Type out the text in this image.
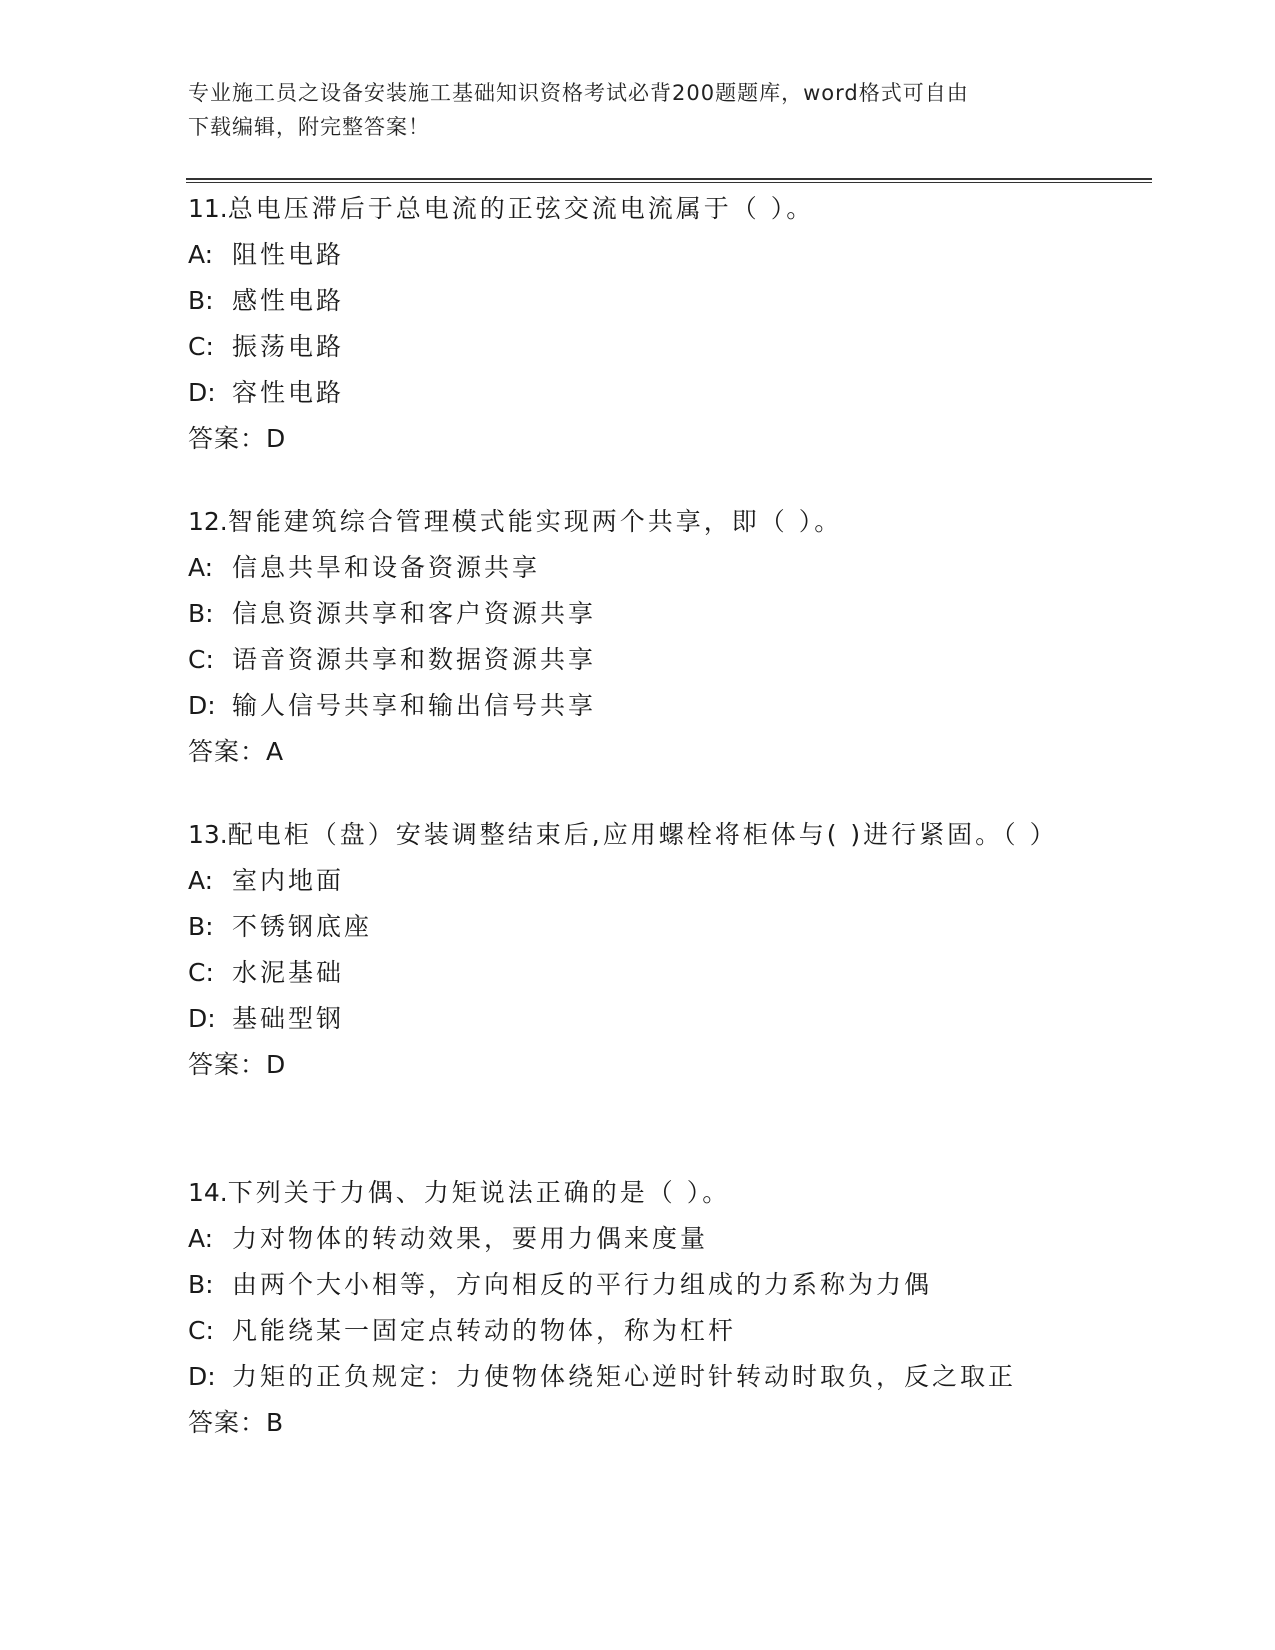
专业施工员之设备安装施工基础知识资格考试必背200题题库，word格式可自由
下载编辑，附完整答案！

11.总电压滞后于总电流的正弦交流电流属于（ ）。

A: 阻性电路

B: 感性电路

C: 振荡电路

D: 容性电路

答案：D

12.智能建筑综合管理模式能实现两个共享，即（ ）。

A: 信息共旱和设备资源共享

B: 信息资源共享和客户资源共享

C: 语音资源共享和数据资源共享

D: 输人信号共享和输出信号共享

答案：A

13.配电柜（盘）安装调整结束后,应用螺栓将柜体与( )进行紧固。（ ）

A: 室内地面

B: 不锈钢底座

C: 水泥基础

D: 基础型钢

答案：D

14.下列关于力偶、力矩说法正确的是（ ）。

A: 力对物体的转动效果，要用力偶来度量

B: 由两个大小相等，方向相反的平行力组成的力系称为力偶

C: 凡能绕某一固定点转动的物体，称为杠杆

D: 力矩的正负规定：力使物体绕矩心逆时针转动时取负，反之取正

答案：B
